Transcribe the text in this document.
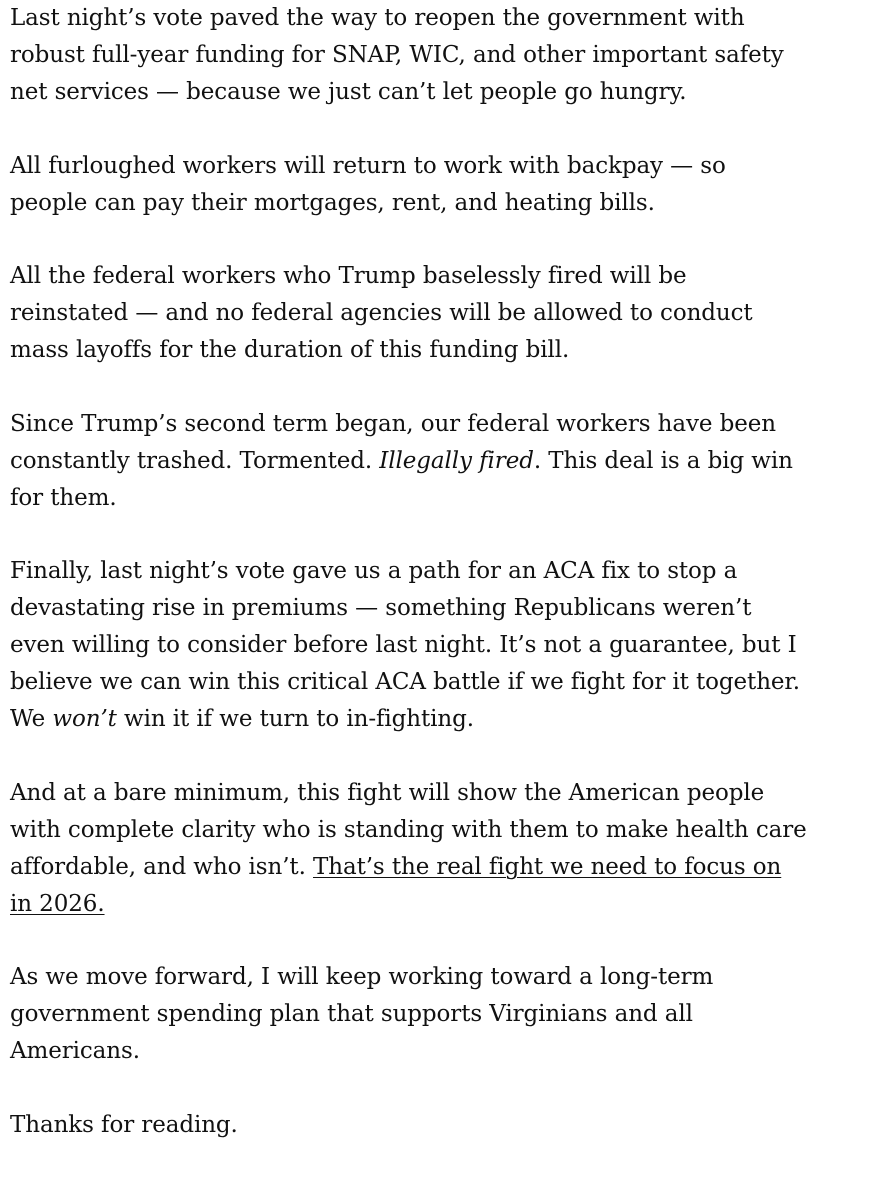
Last night’s vote paved the way to reopen the government with robust full-year funding for SNAP, WIC, and other important safety net services — because we just can’t let people go hungry.

All furloughed workers will return to work with backpay — so people can pay their mortgages, rent, and heating bills.

All the federal workers who Trump baselessly fired will be reinstated — and no federal agencies will be allowed to conduct mass layoffs for the duration of this funding bill.

Since Trump’s second term began, our federal workers have been constantly trashed. Tormented. Illegally fired. This deal is a big win for them.

Finally, last night’s vote gave us a path for an ACA fix to stop a devastating rise in premiums — something Republicans weren’t even willing to consider before last night. It’s not a guarantee, but I believe we can win this critical ACA battle if we fight for it together. We won’t win it if we turn to in-fighting.

And at a bare minimum, this fight will show the American people with complete clarity who is standing with them to make health care affordable, and who isn’t. That’s the real fight we need to focus on in 2026.

As we move forward, I will keep working toward a long-term government spending plan that supports Virginians and all Americans.

Thanks for reading.
